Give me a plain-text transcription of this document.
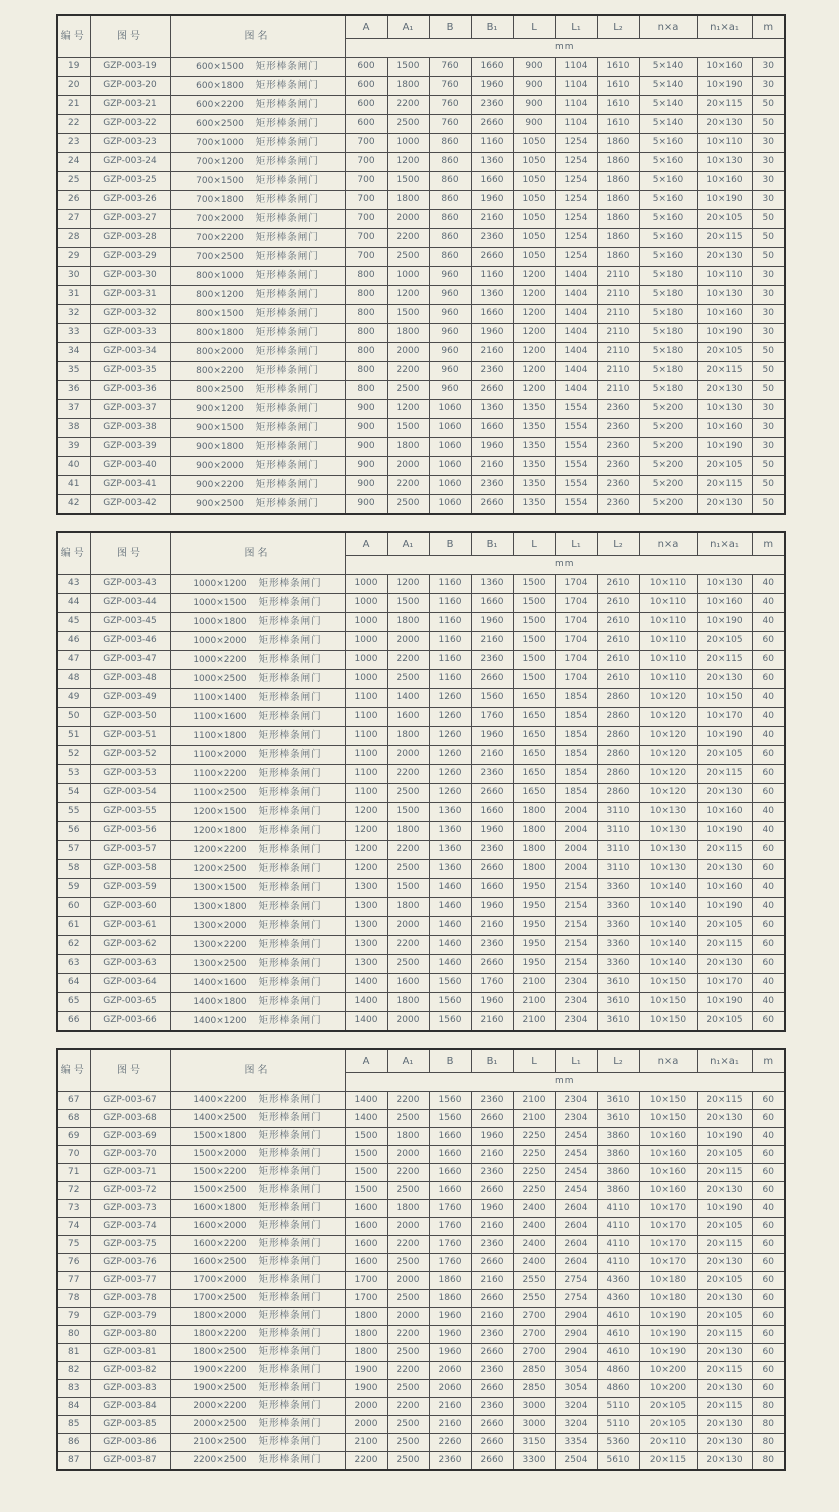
编号	图号	图名	A	A₁	B	B₁	L	L₁	L₂	n×a	n₁×a₁	m
			mm									
19	GZP-003-19	600×1500 矩形棒条闸门	600	1500	760	1660	900	1104	1610	5×140	10×160	30
20	GZP-003-20	600×1800 矩形棒条闸门	600	1800	760	1960	900	1104	1610	5×140	10×190	30
21	GZP-003-21	600×2200 矩形棒条闸门	600	2200	760	2360	900	1104	1610	5×140	20×115	50
22	GZP-003-22	600×2500 矩形棒条闸门	600	2500	760	2660	900	1104	1610	5×140	20×130	50
23	GZP-003-23	700×1000 矩形棒条闸门	700	1000	860	1160	1050	1254	1860	5×160	10×110	30
24	GZP-003-24	700×1200 矩形棒条闸门	700	1200	860	1360	1050	1254	1860	5×160	10×130	30
25	GZP-003-25	700×1500 矩形棒条闸门	700	1500	860	1660	1050	1254	1860	5×160	10×160	30
26	GZP-003-26	700×1800 矩形棒条闸门	700	1800	860	1960	1050	1254	1860	5×160	10×190	30
27	GZP-003-27	700×2000 矩形棒条闸门	700	2000	860	2160	1050	1254	1860	5×160	20×105	50
28	GZP-003-28	700×2200 矩形棒条闸门	700	2200	860	2360	1050	1254	1860	5×160	20×115	50
29	GZP-003-29	700×2500 矩形棒条闸门	700	2500	860	2660	1050	1254	1860	5×160	20×130	50
30	GZP-003-30	800×1000 矩形棒条闸门	800	1000	960	1160	1200	1404	2110	5×180	10×110	30
31	GZP-003-31	800×1200 矩形棒条闸门	800	1200	960	1360	1200	1404	2110	5×180	10×130	30
32	GZP-003-32	800×1500 矩形棒条闸门	800	1500	960	1660	1200	1404	2110	5×180	10×160	30
33	GZP-003-33	800×1800 矩形棒条闸门	800	1800	960	1960	1200	1404	2110	5×180	10×190	30
34	GZP-003-34	800×2000 矩形棒条闸门	800	2000	960	2160	1200	1404	2110	5×180	20×105	50
35	GZP-003-35	800×2200 矩形棒条闸门	800	2200	960	2360	1200	1404	2110	5×180	20×115	50
36	GZP-003-36	800×2500 矩形棒条闸门	800	2500	960	2660	1200	1404	2110	5×180	20×130	50
37	GZP-003-37	900×1200 矩形棒条闸门	900	1200	1060	1360	1350	1554	2360	5×200	10×130	30
38	GZP-003-38	900×1500 矩形棒条闸门	900	1500	1060	1660	1350	1554	2360	5×200	10×160	30
39	GZP-003-39	900×1800 矩形棒条闸门	900	1800	1060	1960	1350	1554	2360	5×200	10×190	30
40	GZP-003-40	900×2000 矩形棒条闸门	900	2000	1060	2160	1350	1554	2360	5×200	20×105	50
41	GZP-003-41	900×2200 矩形棒条闸门	900	2200	1060	2360	1350	1554	2360	5×200	20×115	50
42	GZP-003-42	900×2500 矩形棒条闸门	900	2500	1060	2660	1350	1554	2360	5×200	20×130	50
编号	图号	图名	A	A₁	B	B₁	L	L₁	L₂	n×a	n₁×a₁	m
			mm									
43	GZP-003-43	1000×1200 矩形棒条闸门	1000	1200	1160	1360	1500	1704	2610	10×110	10×130	40
44	GZP-003-44	1000×1500 矩形棒条闸门	1000	1500	1160	1660	1500	1704	2610	10×110	10×160	40
45	GZP-003-45	1000×1800 矩形棒条闸门	1000	1800	1160	1960	1500	1704	2610	10×110	10×190	40
46	GZP-003-46	1000×2000 矩形棒条闸门	1000	2000	1160	2160	1500	1704	2610	10×110	20×105	60
47	GZP-003-47	1000×2200 矩形棒条闸门	1000	2200	1160	2360	1500	1704	2610	10×110	20×115	60
48	GZP-003-48	1000×2500 矩形棒条闸门	1000	2500	1160	2660	1500	1704	2610	10×110	20×130	60
49	GZP-003-49	1100×1400 矩形棒条闸门	1100	1400	1260	1560	1650	1854	2860	10×120	10×150	40
50	GZP-003-50	1100×1600 矩形棒条闸门	1100	1600	1260	1760	1650	1854	2860	10×120	10×170	40
51	GZP-003-51	1100×1800 矩形棒条闸门	1100	1800	1260	1960	1650	1854	2860	10×120	10×190	40
52	GZP-003-52	1100×2000 矩形棒条闸门	1100	2000	1260	2160	1650	1854	2860	10×120	20×105	60
53	GZP-003-53	1100×2200 矩形棒条闸门	1100	2200	1260	2360	1650	1854	2860	10×120	20×115	60
54	GZP-003-54	1100×2500 矩形棒条闸门	1100	2500	1260	2660	1650	1854	2860	10×120	20×130	60
55	GZP-003-55	1200×1500 矩形棒条闸门	1200	1500	1360	1660	1800	2004	3110	10×130	10×160	40
56	GZP-003-56	1200×1800 矩形棒条闸门	1200	1800	1360	1960	1800	2004	3110	10×130	10×190	40
57	GZP-003-57	1200×2200 矩形棒条闸门	1200	2200	1360	2360	1800	2004	3110	10×130	20×115	60
58	GZP-003-58	1200×2500 矩形棒条闸门	1200	2500	1360	2660	1800	2004	3110	10×130	20×130	60
59	GZP-003-59	1300×1500 矩形棒条闸门	1300	1500	1460	1660	1950	2154	3360	10×140	10×160	40
60	GZP-003-60	1300×1800 矩形棒条闸门	1300	1800	1460	1960	1950	2154	3360	10×140	10×190	40
61	GZP-003-61	1300×2000 矩形棒条闸门	1300	2000	1460	2160	1950	2154	3360	10×140	20×105	60
62	GZP-003-62	1300×2200 矩形棒条闸门	1300	2200	1460	2360	1950	2154	3360	10×140	20×115	60
63	GZP-003-63	1300×2500 矩形棒条闸门	1300	2500	1460	2660	1950	2154	3360	10×140	20×130	60
64	GZP-003-64	1400×1600 矩形棒条闸门	1400	1600	1560	1760	2100	2304	3610	10×150	10×170	40
65	GZP-003-65	1400×1800 矩形棒条闸门	1400	1800	1560	1960	2100	2304	3610	10×150	10×190	40
66	GZP-003-66	1400×1200 矩形棒条闸门	1400	2000	1560	2160	2100	2304	3610	10×150	20×105	60
编号	图号	图名	A	A₁	B	B₁	L	L₁	L₂	n×a	n₁×a₁	m
			mm									
67	GZP-003-67	1400×2200 矩形棒条闸门	1400	2200	1560	2360	2100	2304	3610	10×150	20×115	60
68	GZP-003-68	1400×2500 矩形棒条闸门	1400	2500	1560	2660	2100	2304	3610	10×150	20×130	60
69	GZP-003-69	1500×1800 矩形棒条闸门	1500	1800	1660	1960	2250	2454	3860	10×160	10×190	40
70	GZP-003-70	1500×2000 矩形棒条闸门	1500	2000	1660	2160	2250	2454	3860	10×160	20×105	60
71	GZP-003-71	1500×2200 矩形棒条闸门	1500	2200	1660	2360	2250	2454	3860	10×160	20×115	60
72	GZP-003-72	1500×2500 矩形棒条闸门	1500	2500	1660	2660	2250	2454	3860	10×160	20×130	60
73	GZP-003-73	1600×1800 矩形棒条闸门	1600	1800	1760	1960	2400	2604	4110	10×170	10×190	40
74	GZP-003-74	1600×2000 矩形棒条闸门	1600	2000	1760	2160	2400	2604	4110	10×170	20×105	60
75	GZP-003-75	1600×2200 矩形棒条闸门	1600	2200	1760	2360	2400	2604	4110	10×170	20×115	60
76	GZP-003-76	1600×2500 矩形棒条闸门	1600	2500	1760	2660	2400	2604	4110	10×170	20×130	60
77	GZP-003-77	1700×2000 矩形棒条闸门	1700	2000	1860	2160	2550	2754	4360	10×180	20×105	60
78	GZP-003-78	1700×2500 矩形棒条闸门	1700	2500	1860	2660	2550	2754	4360	10×180	20×130	60
79	GZP-003-79	1800×2000 矩形棒条闸门	1800	2000	1960	2160	2700	2904	4610	10×190	20×105	60
80	GZP-003-80	1800×2200 矩形棒条闸门	1800	2200	1960	2360	2700	2904	4610	10×190	20×115	60
81	GZP-003-81	1800×2500 矩形棒条闸门	1800	2500	1960	2660	2700	2904	4610	10×190	20×130	60
82	GZP-003-82	1900×2200 矩形棒条闸门	1900	2200	2060	2360	2850	3054	4860	10×200	20×115	60
83	GZP-003-83	1900×2500 矩形棒条闸门	1900	2500	2060	2660	2850	3054	4860	10×200	20×130	60
84	GZP-003-84	2000×2200 矩形棒条闸门	2000	2200	2160	2360	3000	3204	5110	20×105	20×115	80
85	GZP-003-85	2000×2500 矩形棒条闸门	2000	2500	2160	2660	3000	3204	5110	20×105	20×130	80
86	GZP-003-86	2100×2500 矩形棒条闸门	2100	2500	2260	2660	3150	3354	5360	20×110	20×130	80
87	GZP-003-87	2200×2500 矩形棒条闸门	2200	2500	2360	2660	3300	2504	5610	20×115	20×130	80
